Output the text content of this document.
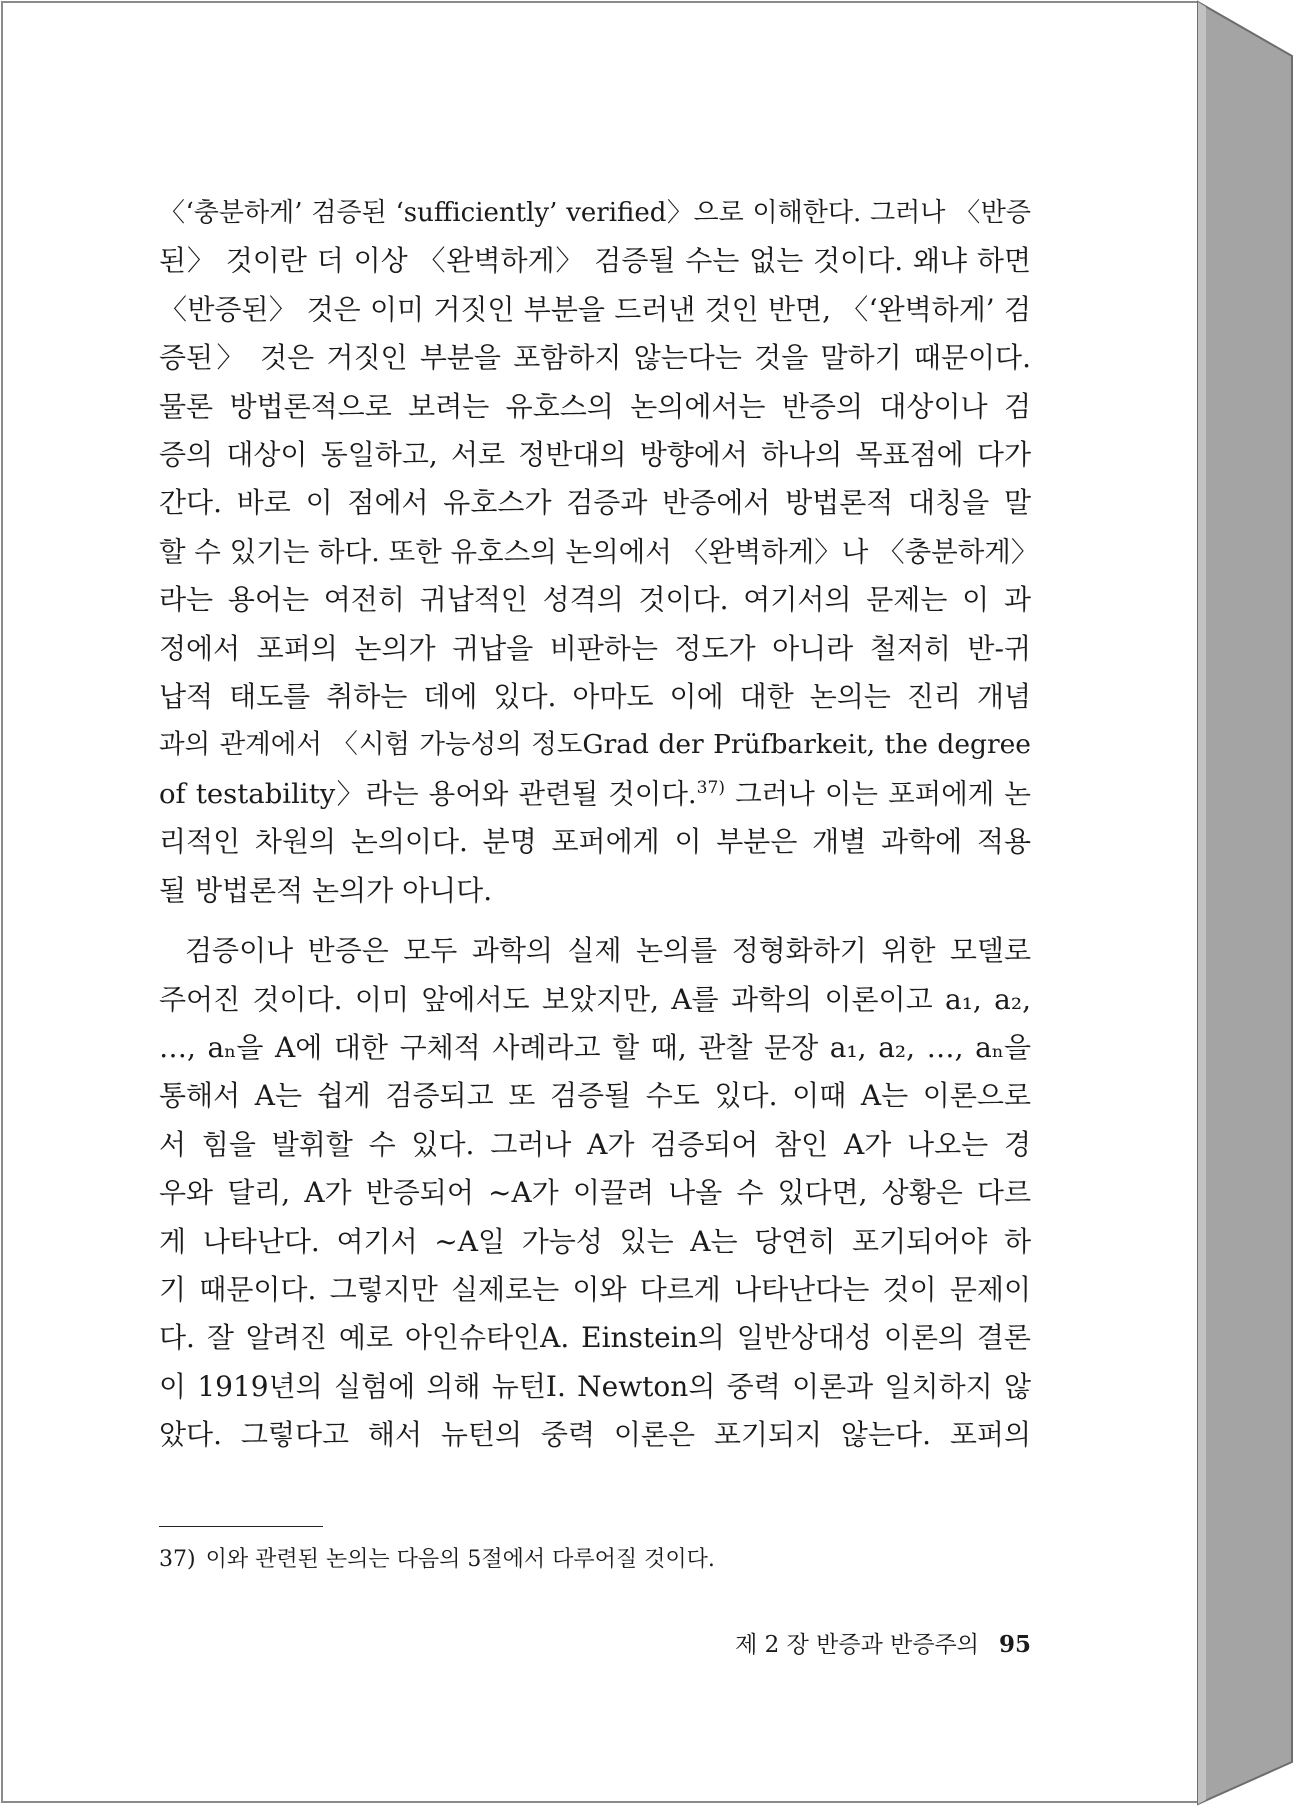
〈‘충분하게’ 검증된 ‘sufficiently’ verified〉으로 이해한다. 그러나 〈반증
된〉 것이란 더 이상 〈완벽하게〉 검증될 수는 없는 것이다. 왜냐 하면
〈반증된〉 것은 이미 거짓인 부분을 드러낸 것인 반면, 〈‘완벽하게’ 검
증된〉 것은 거짓인 부분을 포함하지 않는다는 것을 말하기 때문이다.
물론 방법론적으로 보려는 유호스의 논의에서는 반증의 대상이나 검
증의 대상이 동일하고, 서로 정반대의 방향에서 하나의 목표점에 다가
간다. 바로 이 점에서 유호스가 검증과 반증에서 방법론적 대칭을 말
할 수 있기는 하다. 또한 유호스의 논의에서 〈완벽하게〉나 〈충분하게〉
라는 용어는 여전히 귀납적인 성격의 것이다. 여기서의 문제는 이 과
정에서 포퍼의 논의가 귀납을 비판하는 정도가 아니라 철저히 반-귀
납적 태도를 취하는 데에 있다. 아마도 이에 대한 논의는 진리 개념
과의 관계에서 〈시험 가능성의 정도Grad der Prüfbarkeit, the degree
of testability〉라는 용어와 관련될 것이다.$^{37)}$ 그러나 이는 포퍼에게 논
리적인 차원의 논의이다. 분명 포퍼에게 이 부분은 개별 과학에 적용
될 방법론적 논의가 아니다.
검증이나 반증은 모두 과학의 실제 논의를 정형화하기 위한 모델로
주어진 것이다. 이미 앞에서도 보았지만, A를 과학의 이론이고 a₁, a₂,
…, aₙ을 A에 대한 구체적 사례라고 할 때, 관찰 문장 a₁, a₂, …, aₙ을
통해서 A는 쉽게 검증되고 또 검증될 수도 있다. 이때 A는 이론으로
서 힘을 발휘할 수 있다. 그러나 A가 검증되어 참인 A가 나오는 경
우와 달리, A가 반증되어 ~A가 이끌려 나올 수 있다면, 상황은 다르
게 나타난다. 여기서 ~A일 가능성 있는 A는 당연히 포기되어야 하
기 때문이다. 그렇지만 실제로는 이와 다르게 나타난다는 것이 문제이
다. 잘 알려진 예로 아인슈타인A. Einstein의 일반상대성 이론의 결론
이 1919년의 실험에 의해 뉴턴I. Newton의 중력 이론과 일치하지 않
았다. 그렇다고 해서 뉴턴의 중력 이론은 포기되지 않는다. 포퍼의
37) 이와 관련된 논의는 다음의 5절에서 다루어질 것이다.
제 2 장 반증과 반증주의 95
